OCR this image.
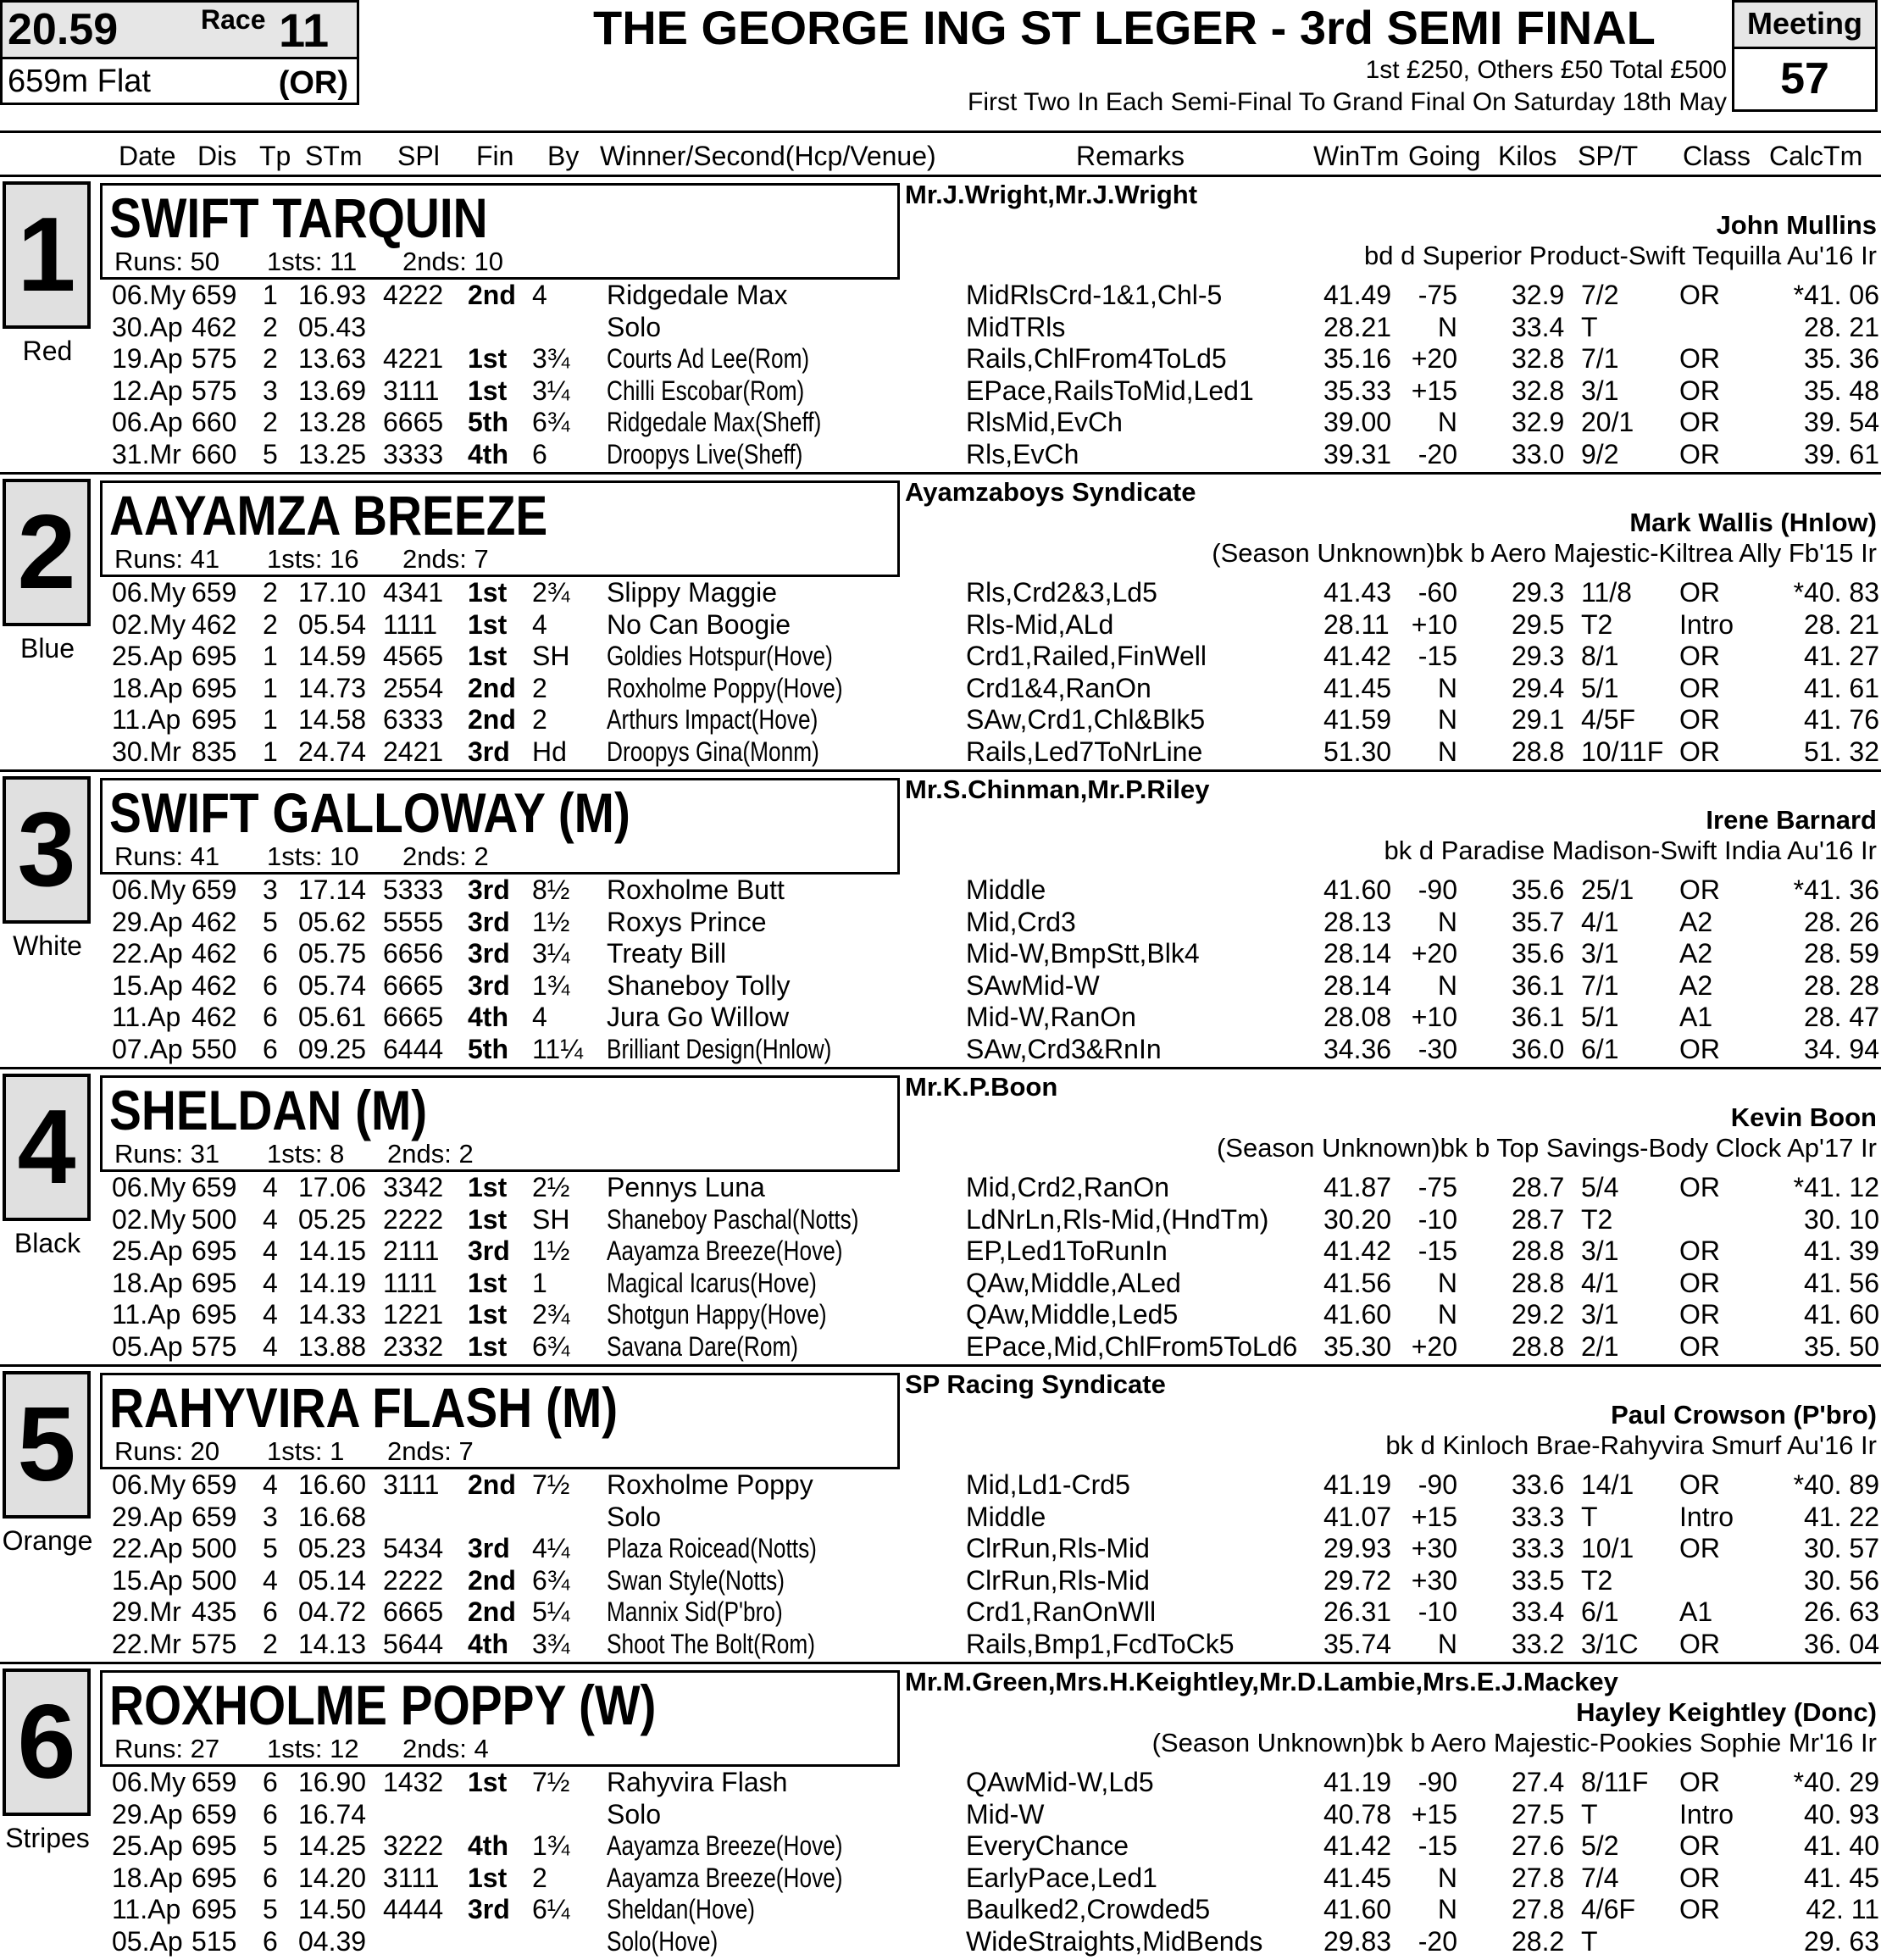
20.59	Race 11
659m Flat	(OR)
THE GEORGE ING ST LEGER - 3rd SEMI FINAL
1st £250, Others £50 Total £500
First Two In Each Semi-Final To Grand Final On Saturday 18th May
Meeting
57
Date Dis Tp STm SPl Fin By Winner/Second(Hcp/Venue)	Remarks	WinTm Going Kilos SP/T Class CalcTm
1
Red
SWIFT TARQUIN
Runs: 50 1sts: 11 2nds: 10
Mr.J.Wright,Mr.J.Wright
John Mullins
bd d Superior Product-Swift Tequilla Au'16 Ir
06.My 659 1 16.93 4222 2nd 4 Ridgedale Max	MidRlsCrd-1&1,Chl-5	41.49 -75 32.9 7/2 OR	*41. 06
30.Ap 462 2 05.43	Solo	MidTRls	28.21 N 33.4 T	28. 21
19.Ap 575 2 13.63 4221 1st 3¾ Courts Ad Lee(Rom)	Rails,ChlFrom4ToLd5	35.16 +20 32.8 7/1 OR	35. 36
12.Ap 575 3 13.69 3111 1st 3¼ Chilli Escobar(Rom)	EPace,RailsToMid,Led1	35.33 +15 32.8 3/1 OR	35. 48
06.Ap 660 2 13.28 6665 5th 6¾ Ridgedale Max(Sheff)	RlsMid,EvCh	39.00 N 32.9 20/1 OR	39. 54
31.Mr 660 5 13.25 3333 4th 6 Droopys Live(Sheff)	Rls,EvCh	39.31 -20 33.0 9/2 OR	39. 61
2
Blue
AAYAMZA BREEZE
Runs: 41 1sts: 16 2nds: 7
Ayamzaboys Syndicate
Mark Wallis (Hnlow)
(Season Unknown)bk b Aero Majestic-Kiltrea Ally Fb'15 Ir
06.My 659 2 17.10 4341 1st 2¾ Slippy Maggie	Rls,Crd2&3,Ld5	41.43 -60 29.3 11/8 OR	*40. 83
02.My 462 2 05.54 1111 1st 4 No Can Boogie	Rls-Mid,ALd	28.11 +10 29.5 T2 Intro	28. 21
25.Ap 695 1 14.59 4565 1st SH Goldies Hotspur(Hove)	Crd1,Railed,FinWell	41.42 -15 29.3 8/1 OR	41. 27
18.Ap 695 1 14.73 2554 2nd 2 Roxholme Poppy(Hove)	Crd1&4,RanOn	41.45 N 29.4 5/1 OR	41. 61
11.Ap 695 1 14.58 6333 2nd 2 Arthurs Impact(Hove)	SAw,Crd1,Chl&Blk5	41.59 N 29.1 4/5F OR	41. 76
30.Mr 835 1 24.74 2421 3rd Hd Droopys Gina(Monm)	Rails,Led7ToNrLine	51.30 N 28.8 10/11F OR	51. 32
3
White
SWIFT GALLOWAY (M)
Runs: 41 1sts: 10 2nds: 2
Mr.S.Chinman,Mr.P.Riley
Irene Barnard
bk d Paradise Madison-Swift India Au'16 Ir
06.My 659 3 17.14 5333 3rd 8½ Roxholme Butt	Middle	41.60 -90 35.6 25/1 OR	*41. 36
29.Ap 462 5 05.62 5555 3rd 1½ Roxys Prince	Mid,Crd3	28.13 N 35.7 4/1 A2	28. 26
22.Ap 462 6 05.75 6656 3rd 3¼ Treaty Bill	Mid-W,BmpStt,Blk4	28.14 +20 35.6 3/1 A2	28. 59
15.Ap 462 6 05.74 6665 3rd 1¾ Shaneboy Tolly	SAwMid-W	28.14 N 36.1 7/1 A2	28. 28
11.Ap 462 6 05.61 6665 4th 4 Jura Go Willow	Mid-W,RanOn	28.08 +10 36.1 5/1 A1	28. 47
07.Ap 550 6 09.25 6444 5th 11¼ Brilliant Design(Hnlow)	SAw,Crd3&RnIn	34.36 -30 36.0 6/1 OR	34. 94
4
Black
SHELDAN (M)
Runs: 31 1sts: 8 2nds: 2
Mr.K.P.Boon
Kevin Boon
(Season Unknown)bk b Top Savings-Body Clock Ap'17 Ir
06.My 659 4 17.06 3342 1st 2½ Pennys Luna	Mid,Crd2,RanOn	41.87 -75 28.7 5/4 OR	*41. 12
02.My 500 4 05.25 2222 1st SH Shaneboy Paschal(Notts)	LdNrLn,Rls-Mid,(HndTm) 30.20 -10 28.7 T2	30. 10
25.Ap 695 4 14.15 2111 3rd 1½ Aayamza Breeze(Hove)	EP,Led1ToRunIn	41.42 -15 28.8 3/1 OR	41. 39
18.Ap 695 4 14.19 1111 1st 1 Magical Icarus(Hove)	QAw,Middle,ALed	41.56 N 28.8 4/1 OR	41. 56
11.Ap 695 4 14.33 1221 1st 2¾ Shotgun Happy(Hove)	QAw,Middle,Led5	41.60 N 29.2 3/1 OR	41. 60
05.Ap 575 4 13.88 2332 1st 6¾ Savana Dare(Rom)	EPace,Mid,ChlFrom5ToLd6 35.30 +20 28.8 2/1 OR	35. 50
5
Orange
RAHYVIRA FLASH (M)
Runs: 20 1sts: 1 2nds: 7
SP Racing Syndicate
Paul Crowson (P'bro)
bk d Kinloch Brae-Rahyvira Smurf Au'16 Ir
06.My 659 4 16.60 3111 2nd 7½ Roxholme Poppy	Mid,Ld1-Crd5	41.19 -90 33.6 14/1 OR	*40. 89
29.Ap 659 3 16.68	Solo	Middle	41.07 +15 33.3 T	Intro	41. 22
22.Ap 500 5 05.23 5434 3rd 4¼ Plaza Roicead(Notts)	ClrRun,Rls-Mid	29.93 +30 33.3 10/1 OR	30. 57
15.Ap 500 4 05.14 2222 2nd 6¾ Swan Style(Notts)	ClrRun,Rls-Mid	29.72 +30 33.5 T2	30. 56
29.Mr 435 6 04.72 6665 2nd 5¼ Mannix Sid(P'bro)	Crd1,RanOnWll	26.31 -10 33.4 6/1 A1	26. 63
22.Mr 575 2 14.13 5644 4th 3¾ Shoot The Bolt(Rom)	Rails,Bmp1,FcdToCk5	35.74 N 33.2 3/1C OR	36. 04
6
Stripes
ROXHOLME POPPY (W)
Runs: 27 1sts: 12 2nds: 4
Mr.M.Green,Mrs.H.Keightley,Mr.D.Lambie,Mrs.E.J.Mackey
Hayley Keightley (Donc)
(Season Unknown)bk b Aero Majestic-Pookies Sophie Mr'16 Ir
06.My 659 6 16.90 1432 1st 7½ Rahyvira Flash	QAwMid-W,Ld5	41.19 -90 27.4 8/11F OR	*40. 29
29.Ap 659 6 16.74	Solo	Mid-W	40.78 +15 27.5 T	Intro	40. 93
25.Ap 695 5 14.25 3222 4th 1¾ Aayamza Breeze(Hove)	EveryChance	41.42 -15 27.6 5/2 OR	41. 40
18.Ap 695 6 14.20 3111 1st 2 Aayamza Breeze(Hove)	EarlyPace,Led1	41.45 N 27.8 7/4 OR	41. 45
11.Ap 695 5 14.50 4444 3rd 6¼ Sheldan(Hove)	Baulked2,Crowded5	41.60 N 27.8 4/6F OR	42. 11
05.Ap 515 6 04.39	Solo(Hove)	WideStraights,MidBends 29.83 -20 28.2 T	29. 63
